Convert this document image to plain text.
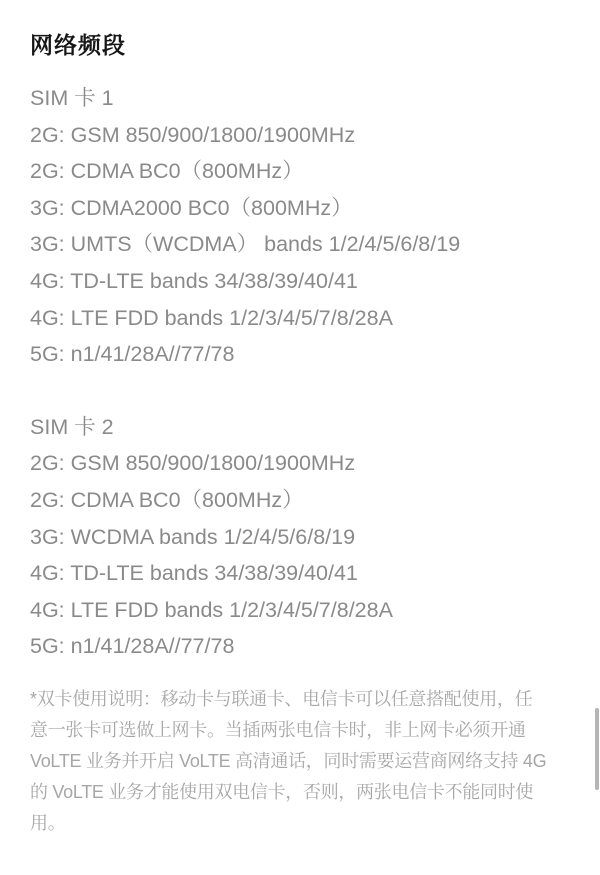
网络频段
SIM 卡 1
2G: GSM 850/900/1800/1900MHz
2G: CDMA BC0（800MHz）
3G: CDMA2000 BC0（800MHz）
3G: UMTS（WCDMA） bands 1/2/4/5/6/8/19
4G: TD-LTE bands 34/38/39/40/41
4G: LTE FDD bands 1/2/3/4/5/7/8/28A
5G: n1/41/28A//77/78
SIM 卡 2
2G: GSM 850/900/1800/1900MHz
2G: CDMA BC0（800MHz）
3G: WCDMA bands 1/2/4/5/6/8/19
4G: TD-LTE bands 34/38/39/40/41
4G: LTE FDD bands 1/2/3/4/5/7/8/28A
5G: n1/41/28A//77/78
*双卡使用说明：移动卡与联通卡、电信卡可以任意搭配使用，任
意一张卡可选做上网卡。当插两张电信卡时，非上网卡必须开通
VoLTE 业务并开启 VoLTE 高清通话，同时需要运营商网络支持 4G
的 VoLTE 业务才能使用双电信卡，否则，两张电信卡不能同时使
用。
